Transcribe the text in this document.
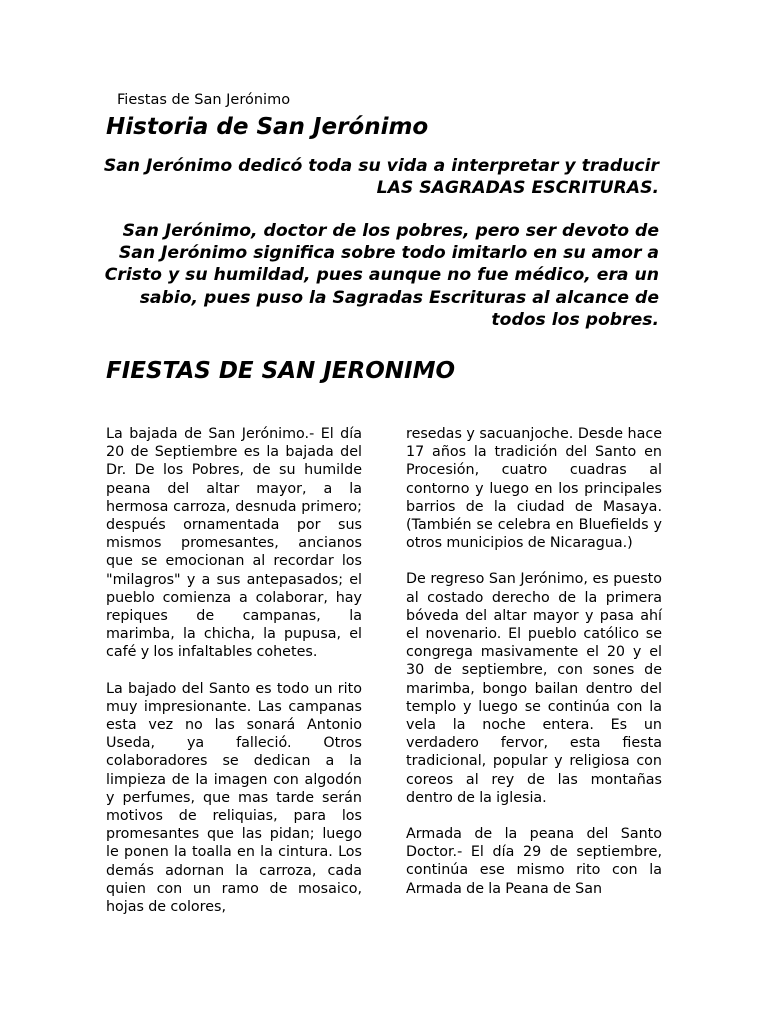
Fiestas de San Jerónimo
Historia de San Jerónimo

San Jerónimo dedicó toda su vida a interpretar y traducir LAS SAGRADAS ESCRITURAS.

San Jerónimo, doctor de los pobres, pero ser devoto de San Jerónimo significa sobre todo imitarlo en su amor a Cristo y su humildad, pues aunque no fue médico, era un sabio, pues puso la Sagradas Escrituras al alcance de todos los pobres.

FIESTAS DE SAN JERONIMO

La bajada de San Jerónimo.- El día 20 de Septiembre es la bajada del Dr. De los Pobres, de su humilde peana del altar mayor, a la hermosa carroza, desnuda primero; después ornamentada por sus mismos promesantes, ancianos que se emocionan al recordar los "milagros" y a sus antepasados; el pueblo comienza a colaborar, hay repiques de campanas, la marimba, la chicha, la pupusa, el café y los infaltables cohetes.

La bajado del Santo es todo un rito muy impresionante. Las campanas esta vez no las sonará Antonio Useda, ya falleció. Otros colaboradores se dedican a la limpieza de la imagen con algodón y perfumes, que mas tarde serán motivos de reliquias, para los promesantes que las pidan; luego le ponen la toalla en la cintura. Los demás adornan la carroza, cada quien con un ramo de mosaico, hojas de colores,

resedas y sacuanjoche. Desde hace 17 años la tradición del Santo en Procesión, cuatro cuadras al contorno y luego en los principales barrios de la ciudad de Masaya. (También se celebra en Bluefields y otros municipios de Nicaragua.)

De regreso San Jerónimo, es puesto al costado derecho de la primera bóveda del altar mayor y pasa ahí el novenario. El pueblo católico se congrega masivamente el 20 y el 30 de septiembre, con sones de marimba, bongo bailan dentro del templo y luego se continúa con la vela la noche entera. Es un verdadero fervor, esta fiesta tradicional, popular y religiosa con coreos al rey de las montañas dentro de la iglesia.

Armada de la peana del Santo Doctor.- El día 29 de septiembre, continúa ese mismo rito con la Armada de la Peana de San
